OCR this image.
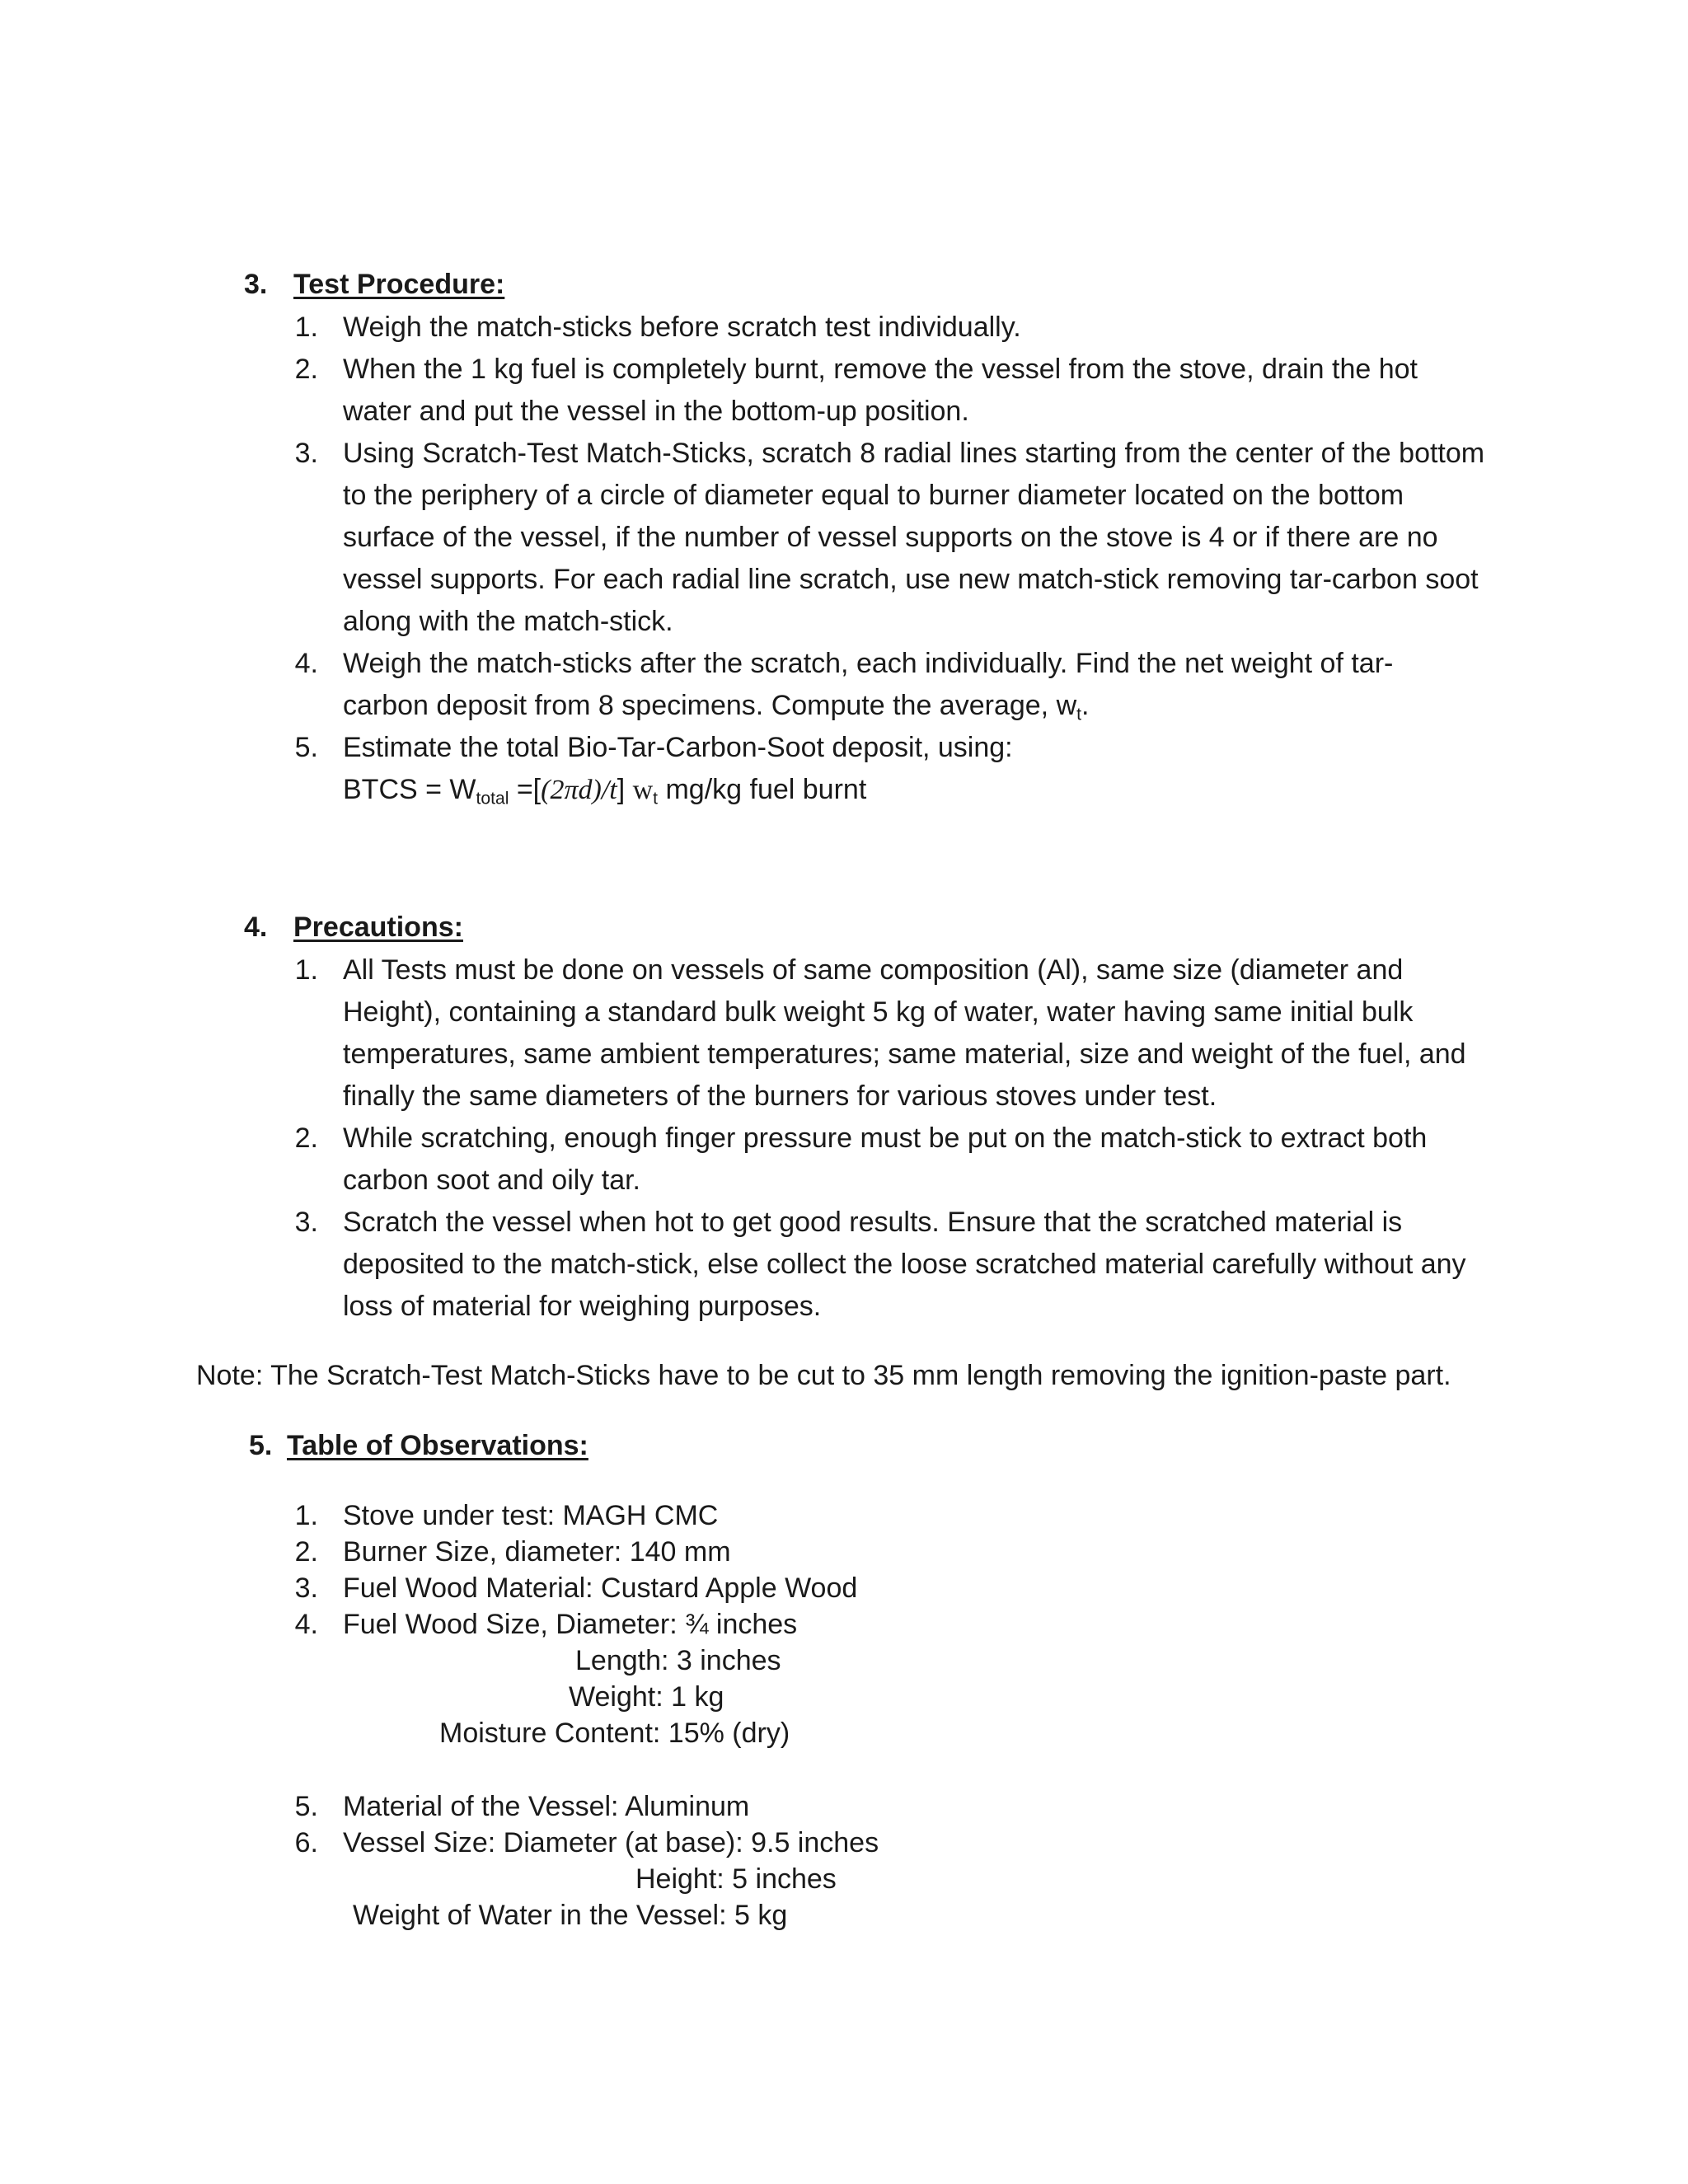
3. Test Procedure:
1. Weigh the match-sticks before scratch test individually.
2. When the 1 kg fuel is completely burnt, remove the vessel from the stove, drain the hot
water and put the vessel in the bottom-up position.
3. Using Scratch-Test Match-Sticks, scratch 8 radial lines starting from the center of the bottom
to the periphery of a circle of diameter equal to burner diameter located on the bottom
surface of the vessel, if the number of vessel supports on the stove is 4 or if there are no
vessel supports. For each radial line scratch, use new match-stick removing tar-carbon soot
along with the match-stick.
4. Weigh the match-sticks after the scratch, each individually. Find the net weight of tar-
carbon deposit from 8 specimens. Compute the average, $w_t$.
5. Estimate the total Bio-Tar-Carbon-Soot deposit, using:
BTCS = $W_{total} =[(2\pi d)/t]$ $w_t$ mg/kg fuel burnt
4. Precautions:
1. All Tests must be done on vessels of same composition (Al), same size (diameter and
Height), containing a standard bulk weight 5 kg of water, water having same initial bulk
temperatures, same ambient temperatures; same material, size and weight of the fuel, and
finally the same diameters of the burners for various stoves under test.
2. While scratching, enough finger pressure must be put on the match-stick to extract both
carbon soot and oily tar.
3. Scratch the vessel when hot to get good results. Ensure that the scratched material is
deposited to the match-stick, else collect the loose scratched material carefully without any
loss of material for weighing purposes.
Note: The Scratch-Test Match-Sticks have to be cut to 35 mm length removing the ignition-paste part.
5. Table of Observations:
1. Stove under test: MAGH CMC
2. Burner Size, diameter: 140 mm
3. Fuel Wood Material: Custard Apple Wood
4. Fuel Wood Size, Diameter: ¾ inches
Length: 3 inches
Weight: 1 kg
Moisture Content: 15% (dry)
5. Material of the Vessel: Aluminum
6. Vessel Size: Diameter (at base): 9.5 inches
Height: 5 inches
Weight of Water in the Vessel: 5 kg
